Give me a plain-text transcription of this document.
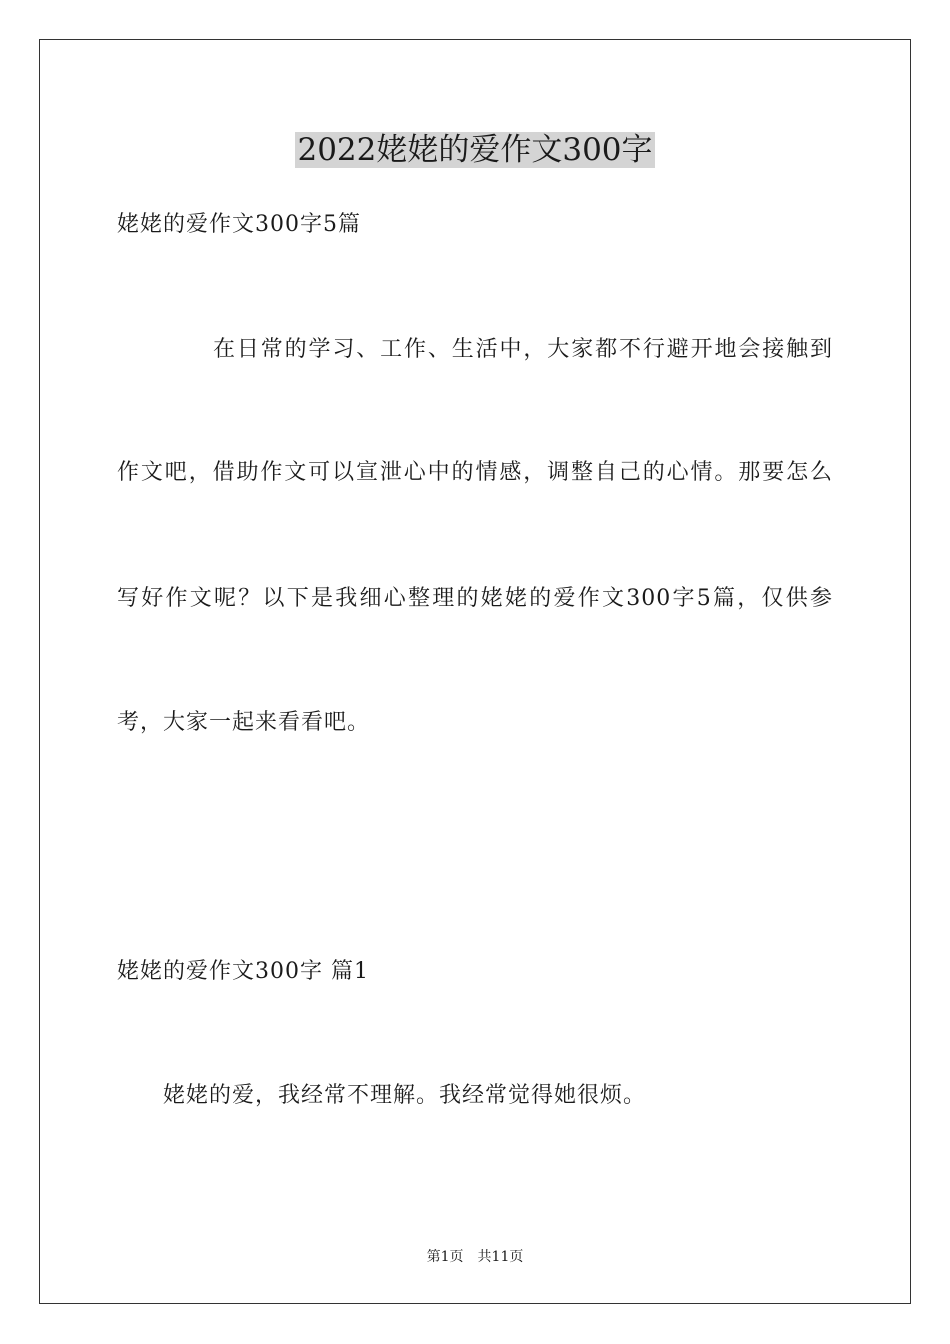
2022姥姥的爱作文300字
姥姥的爱作文300字5篇
在日常的学习、工作、生活中，大家都不行避开地会接触到
作文吧，借助作文可以宣泄心中的情感，调整自己的心情。那要怎么
写好作文呢？以下是我细心整理的姥姥的爱作文300字5篇，仅供参
考，大家一起来看看吧。
姥姥的爱作文300字 篇1
姥姥的爱，我经常不理解。我经常觉得她很烦。
第1页　共11页
